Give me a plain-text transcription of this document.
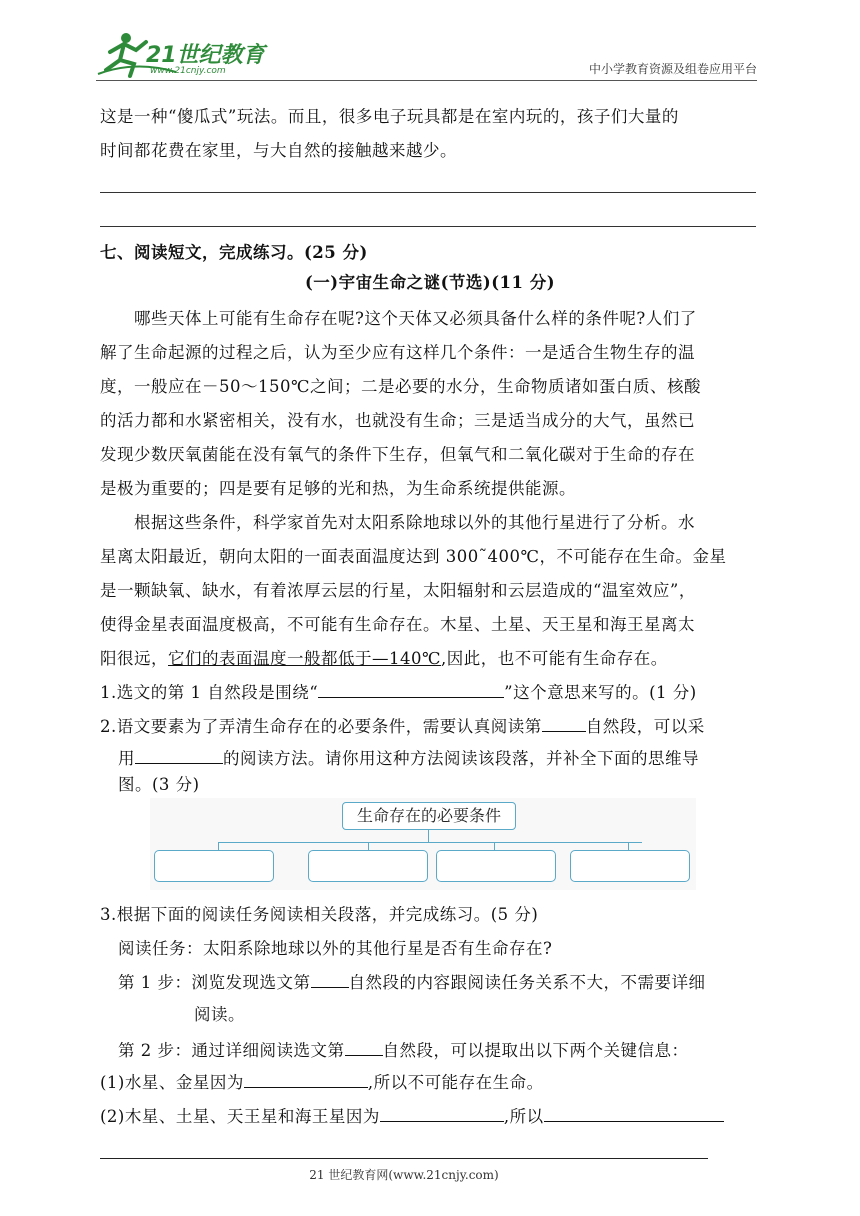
21世纪教育
www.21cnjy.com	中小学教育资源及组卷应用平台
这是一种“傻瓜式”玩法。而且，很多电子玩具都是在室内玩的，孩子们大量的
时间都花费在家里，与大自然的接触越来越少。
七、阅读短文，完成练习。(25 分)
(一)宇宙生命之谜(节选)(11 分)
哪些天体上可能有生命存在呢?这个天体又必须具备什么样的条件呢?人们了
解了生命起源的过程之后，认为至少应有这样几个条件：一是适合生物生存的温
度，一般应在－50～150℃之间；二是必要的水分，生命物质诸如蛋白质、核酸
的活力都和水紧密相关，没有水，也就没有生命；三是适当成分的大气，虽然已
发现少数厌氧菌能在没有氧气的条件下生存，但氧气和二氧化碳对于生命的存在
是极为重要的；四是要有足够的光和热，为生命系统提供能源。
根据这些条件，科学家首先对太阳系除地球以外的其他行星进行了分析。水
星离太阳最近，朝向太阳的一面表面温度达到 300˜400℃，不可能存在生命。金星
是一颗缺氧、缺水，有着浓厚云层的行星，太阳辐射和云层造成的“温室效应”，
使得金星表面温度极高，不可能有生命存在。木星、土星、天王星和海王星离太
阳很远，它们的表面温度一般都低于—140℃,因此，也不可能有生命存在。
1.选文的第 1 自然段是围绕“	”这个意思来写的。(1 分)
2.语文要素为了弄清生命存在的必要条件，需要认真阅读第	自然段，可以采
用	的阅读方法。请你用这种方法阅读该段落，并补全下面的思维导
图。(3 分)
生命存在的必要条件
3.根据下面的阅读任务阅读相关段落，并完成练习。(5 分)
阅读任务：太阳系除地球以外的其他行星是否有生命存在?
第 1 步：浏览发现选文第 自然段的内容跟阅读任务关系不大，不需要详细
阅读。
第 2 步：通过详细阅读选文第 自然段，可以提取出以下两个关键信息：
(1)水星、金星因为	,所以不可能存在生命。
(2)木星、土星、天王星和海王星因为	,所以
21 世纪教育网(www.21cnjy.com)
